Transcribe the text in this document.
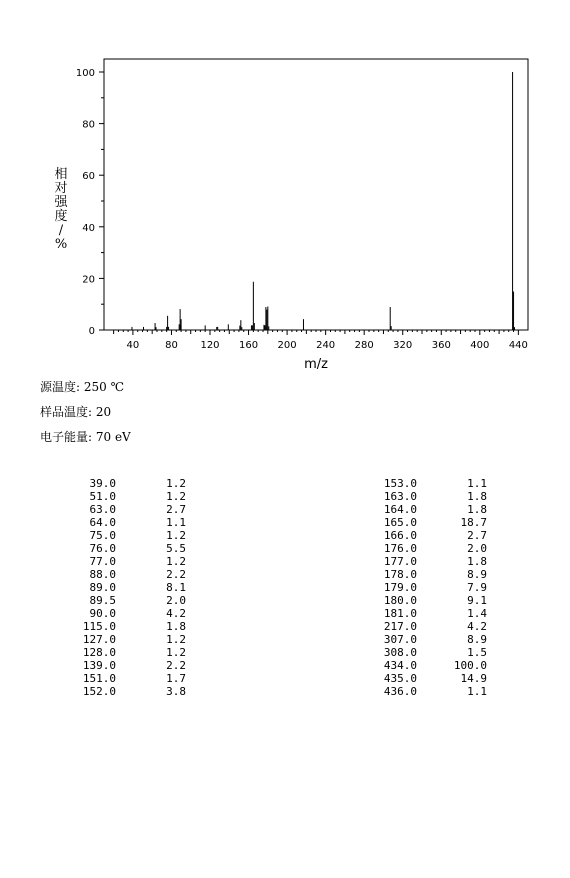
40	80 120 160 200 240 280 320 360 400 440
0
20
40
60
80
100
m/z
相
对
强
度
/
%
源温度: 250 ℃
样品温度: 20
电子能量: 70 eV
39.0	1.2
51.0	1.2
63.0	2.7
64.0	1.1
75.0	1.2
76.0	5.5
77.0	1.2
88.0	2.2
89.0	8.1
89.5	2.0
90.0	4.2
115.0	1.8
127.0	1.2
128.0	1.2
139.0	2.2
151.0	1.7
152.0	3.8
153.0	1.1
163.0	1.8
164.0	1.8
165.0	18.7
166.0	2.7
176.0	2.0
177.0	1.8
178.0	8.9
179.0	7.9
180.0	9.1
181.0	1.4
217.0	4.2
307.0	8.9
308.0	1.5
434.0	100.0
435.0	14.9
436.0	1.1
